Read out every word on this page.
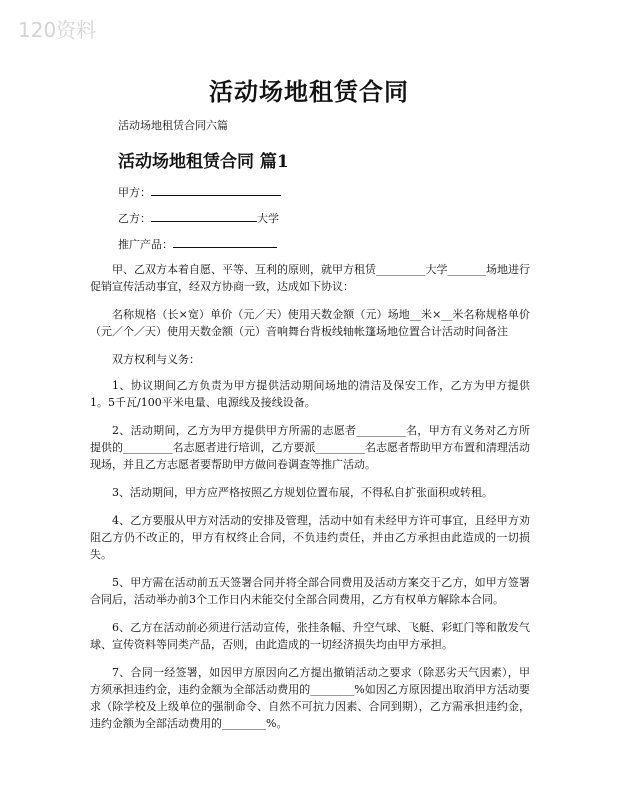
120资料
活动场地租赁合同
活动场地租赁合同六篇
活动场地租赁合同 篇1
甲方：
乙方：	大学
推广产品：

甲、乙双方本着自愿、平等、互利的原则，就甲方租赁_________大学_______场地进行促销宣传活动事宜，经双方协商一致，达成如下协议：

名称规格（长×宽）单价（元／天）使用天数金额（元）场地__米×__米名称规格单价（元／个／天）使用天数金额（元）音响舞台背板线轴帐篷场地位置合计活动时间备注

双方权利与义务：

1、协议期间乙方负责为甲方提供活动期间场地的清洁及保安工作，乙方为甲方提供1。5千瓦/100平米电量、电源线及接线设备。

2、活动期间，乙方为甲方提供甲方所需的志愿者_________名，甲方有义务对乙方所提供的_________名志愿者进行培训，乙方要派_________名志愿者帮助甲方布置和清理活动现场，并且乙方志愿者要帮助甲方做问卷调查等推广活动。

3、活动期间，甲方应严格按照乙方规划位置布展，不得私自扩张面积或转租。

4、乙方要服从甲方对活动的安排及管理，活动中如有未经甲方许可事宜，且经甲方劝阻乙方仍不改正的，甲方有权终止合同，不负违约责任，并由乙方承担由此造成的一切损失。

5、甲方需在活动前五天签署合同并将全部合同费用及活动方案交于乙方，如甲方签署合同后，活动举办前3个工作日内未能交付全部合同费用，乙方有权单方解除本合同。

6、乙方在活动前必须进行活动宣传，张挂条幅、升空气球、飞艇、彩虹门等和散发气球、宣传资料等同类产品，否则，由此造成的一切经济损失均由甲方承担。

7、合同一经签署，如因甲方原因向乙方提出撤销活动之要求（除恶劣天气因素），甲方须承担违约金，违约金额为全部活动费用的________%如因乙方原因提出取消甲方活动要求（除学校及上级单位的强制命令、自然不可抗力因素、合同到期），乙方需承担违约金，违约金额为全部活动费用的________%。
